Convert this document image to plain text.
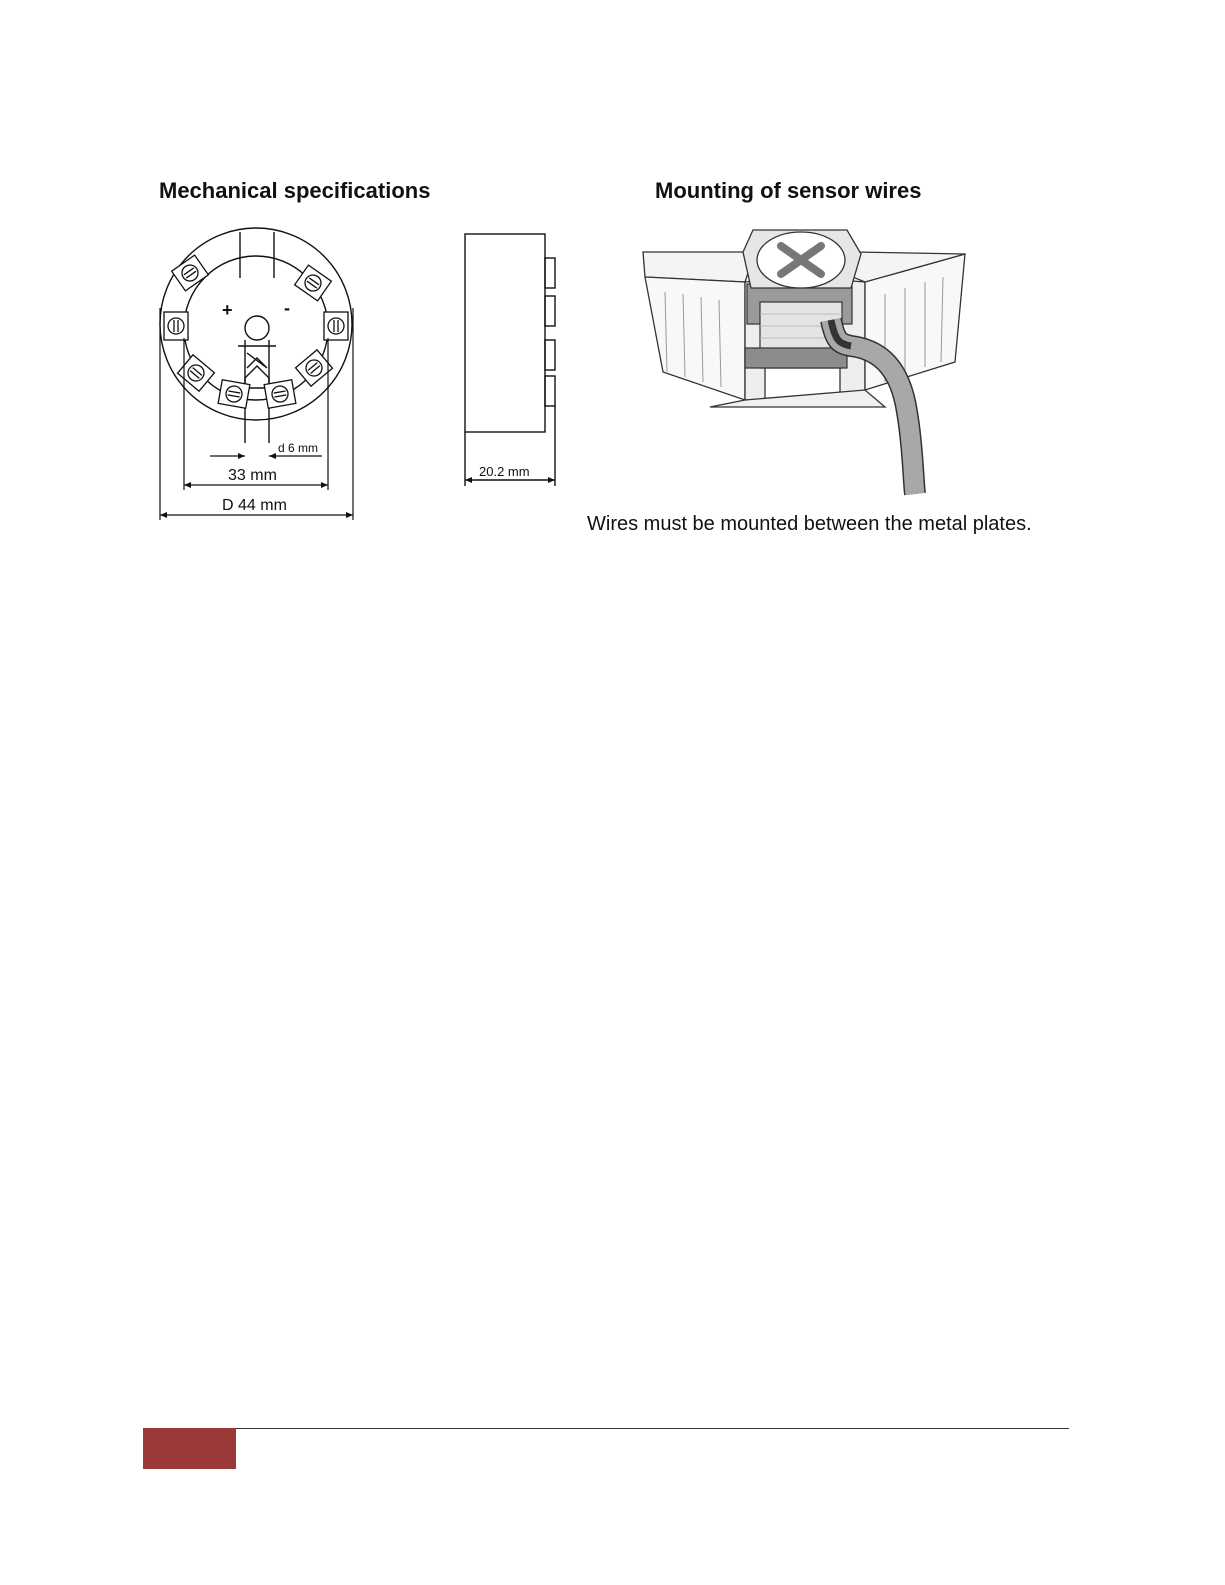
Mechanical specifications	Mounting of sensor wires
+	-
d 6 mm
33 mm
D 44 mm
20.2 mm

Wires must be mounted between the metal plates.
